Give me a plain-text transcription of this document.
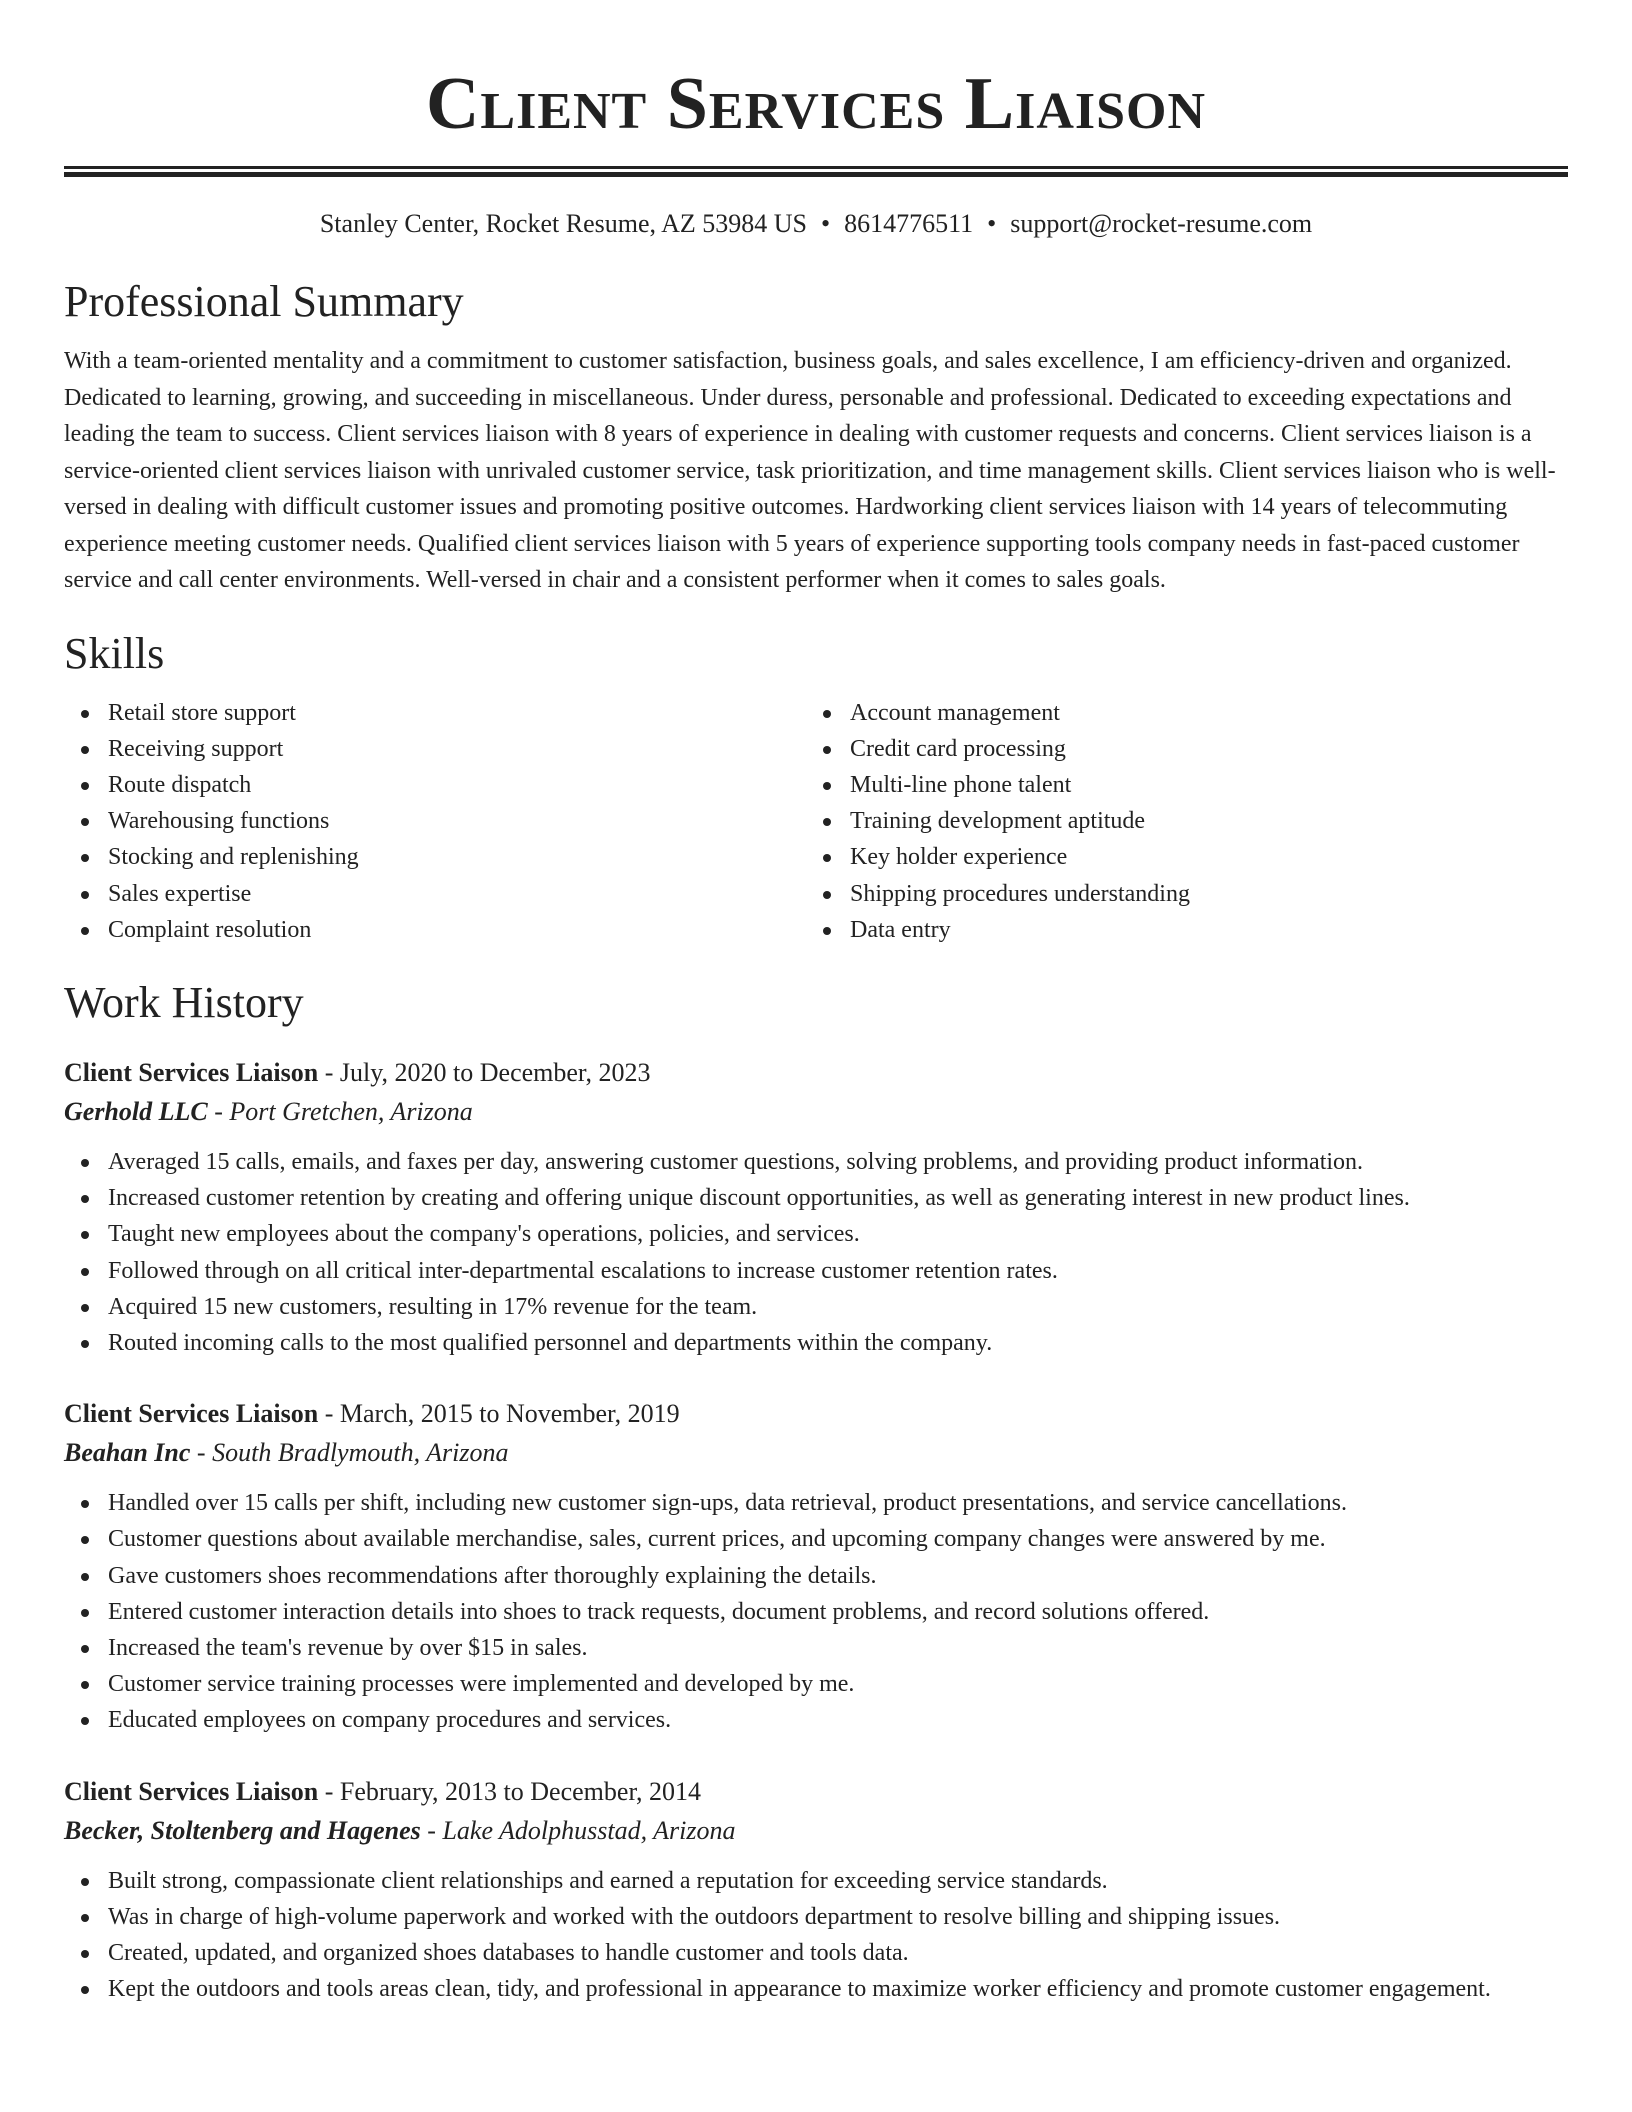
Client Services Liaison
Stanley Center, Rocket Resume, AZ 53984 US • 8614776511 • support@rocket-resume.com
Professional Summary

With a team-oriented mentality and a commitment to customer satisfaction, business goals, and sales excellence, I am efficiency-driven and organized. Dedicated to learning, growing, and succeeding in miscellaneous. Under duress, personable and professional. Dedicated to exceeding expectations and leading the team to success. Client services liaison with 8 years of experience in dealing with customer requests and concerns. Client services liaison is a service-oriented client services liaison with unrivaled customer service, task prioritization, and time management skills. Client services liaison who is well-versed in dealing with difficult customer issues and promoting positive outcomes. Hardworking client services liaison with 14 years of telecommuting experience meeting customer needs. Qualified client services liaison with 5 years of experience supporting tools company needs in fast-paced customer service and call center environments. Well-versed in chair and a consistent performer when it comes to sales goals.

Skills
Retail store support
Receiving support
Route dispatch
Warehousing functions
Stocking and replenishing
Sales expertise
Complaint resolution
Account management
Credit card processing
Multi-line phone talent
Training development aptitude
Key holder experience
Shipping procedures understanding
Data entry
Work History
Client Services Liaison - July, 2020 to December, 2023
Gerhold LLC - Port Gretchen, Arizona
Averaged 15 calls, emails, and faxes per day, answering customer questions, solving problems, and providing product information.
Increased customer retention by creating and offering unique discount opportunities, as well as generating interest in new product lines.
Taught new employees about the company's operations, policies, and services.
Followed through on all critical inter-departmental escalations to increase customer retention rates.
Acquired 15 new customers, resulting in 17% revenue for the team.
Routed incoming calls to the most qualified personnel and departments within the company.
Client Services Liaison - March, 2015 to November, 2019
Beahan Inc - South Bradlymouth, Arizona
Handled over 15 calls per shift, including new customer sign-ups, data retrieval, product presentations, and service cancellations.
Customer questions about available merchandise, sales, current prices, and upcoming company changes were answered by me.
Gave customers shoes recommendations after thoroughly explaining the details.
Entered customer interaction details into shoes to track requests, document problems, and record solutions offered.
Increased the team's revenue by over $15 in sales.
Customer service training processes were implemented and developed by me.
Educated employees on company procedures and services.
Client Services Liaison - February, 2013 to December, 2014
Becker, Stoltenberg and Hagenes - Lake Adolphusstad, Arizona
Built strong, compassionate client relationships and earned a reputation for exceeding service standards.
Was in charge of high-volume paperwork and worked with the outdoors department to resolve billing and shipping issues.
Created, updated, and organized shoes databases to handle customer and tools data.
Kept the outdoors and tools areas clean, tidy, and professional in appearance to maximize worker efficiency and promote customer engagement.
